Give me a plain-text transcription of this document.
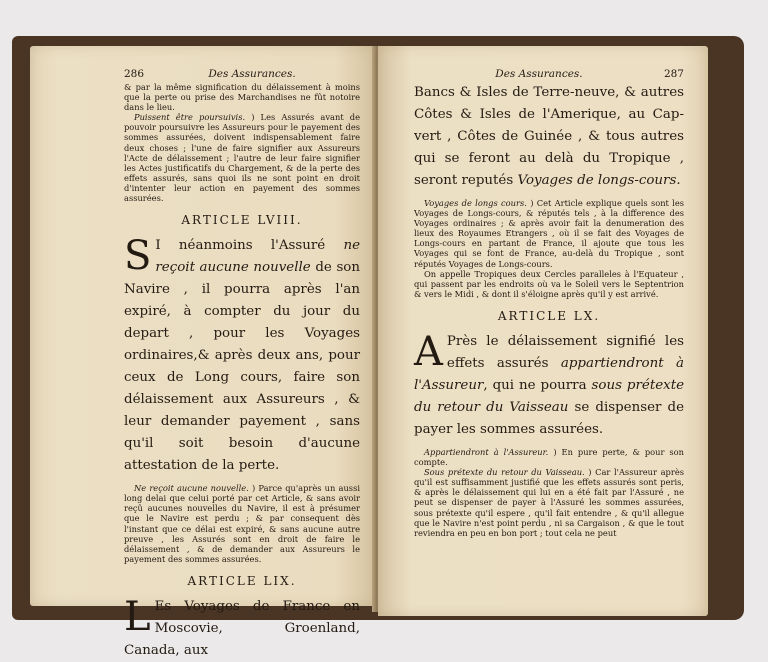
286	Des Assurances.

& par la même signification du délaissement à moins que la perte ou prise des Marchandises ne fût notoire dans le lieu.

Puissent être poursuivis. ) Les Assurés avant de pouvoir poursuivre les Assureurs pour le payement des sommes assurées, doivent indispensablement faire deux choses ; l'une de faire signifier aux Assureurs l'Acte de délaissement ; l'autre de leur faire signifier les Actes justificatifs du Chargement, & de la perte des effets assurés, sans quoi ils ne sont point en droit d'intenter leur action en payement des sommes assurées.

ARTICLE LVIII.

S I néanmoins l'Assuré ne reçoit aucune nouvelle de son Navire , il pourra après l'an expiré, à compter du jour du depart , pour les Voyages ordinaires,& après deux ans, pour ceux de Long cours, faire son délaissement aux Assureurs , & leur demander payement , sans qu'il soit besoin d'aucune attestation de la perte.

Ne reçoit aucune nouvelle. ) Parce qu'après un aussi long delai que celui porté par cet Article, & sans avoir reçû aucunes nouvelles du Navire, il est à présumer que le Navire est perdu ; & par consequent dès l'instant que ce délai est expiré, & sans aucune autre preuve , les Assurés sont en droit de faire le délaissement , & de demander aux Assureurs le payement des sommes assurées.

ARTICLE LIX.

L Es Voyages de France en Moscovie, Groenland, Canada, aux

Des Assurances.	287

Bancs & Isles de Terre-neuve, & autres Côtes & Isles de l'Amerique, au Cap-vert , Côtes de Guinée , & tous autres qui se feront au delà du Tropique , seront reputés Voyages de longs-cours.

Voyages de longs cours. ) Cet Article explique quels sont les Voyages de Longs-cours, & réputés tels , à la difference des Voyages ordinaires ; & après avoir fait la denumeration des lieux des Royaumes Etrangers , où il se fait des Voyages de Longs-cours en partant de France, il ajoute que tous les Voyages qui se font de France, au-delà du Tropique , sont réputés Voyages de Longs-cours.

On appelle Tropiques deux Cercles paralleles à l'Equateur , qui passent par les endroits où va le Soleil vers le Septentrion & vers le Midi , & dont il s'éloigne après qu'il y est arrivé.

ARTICLE LX.

A Près le délaissement signifié les effets assurés appartiendront à l'Assureur, qui ne pourra sous prétexte du retour du Vaisseau se dispenser de payer les sommes assurées.

Appartiendront à l'Assureur. ) En pure perte, & pour son compte.

Sous prétexte du retour du Vaisseau. ) Car l'Assureur après qu'il est suffisamment justifié que les effets assurés sont peris, & après le délaissement qui lui en a été fait par l'Assuré , ne peut se dispenser de payer à l'Assuré les sommes assurées, sous prétexte qu'il espere , qu'il fait entendre , & qu'il allegue que le Navire n'est point perdu , ni sa Cargaison , & que le tout reviendra en peu en bon port ; tout cela ne peut
